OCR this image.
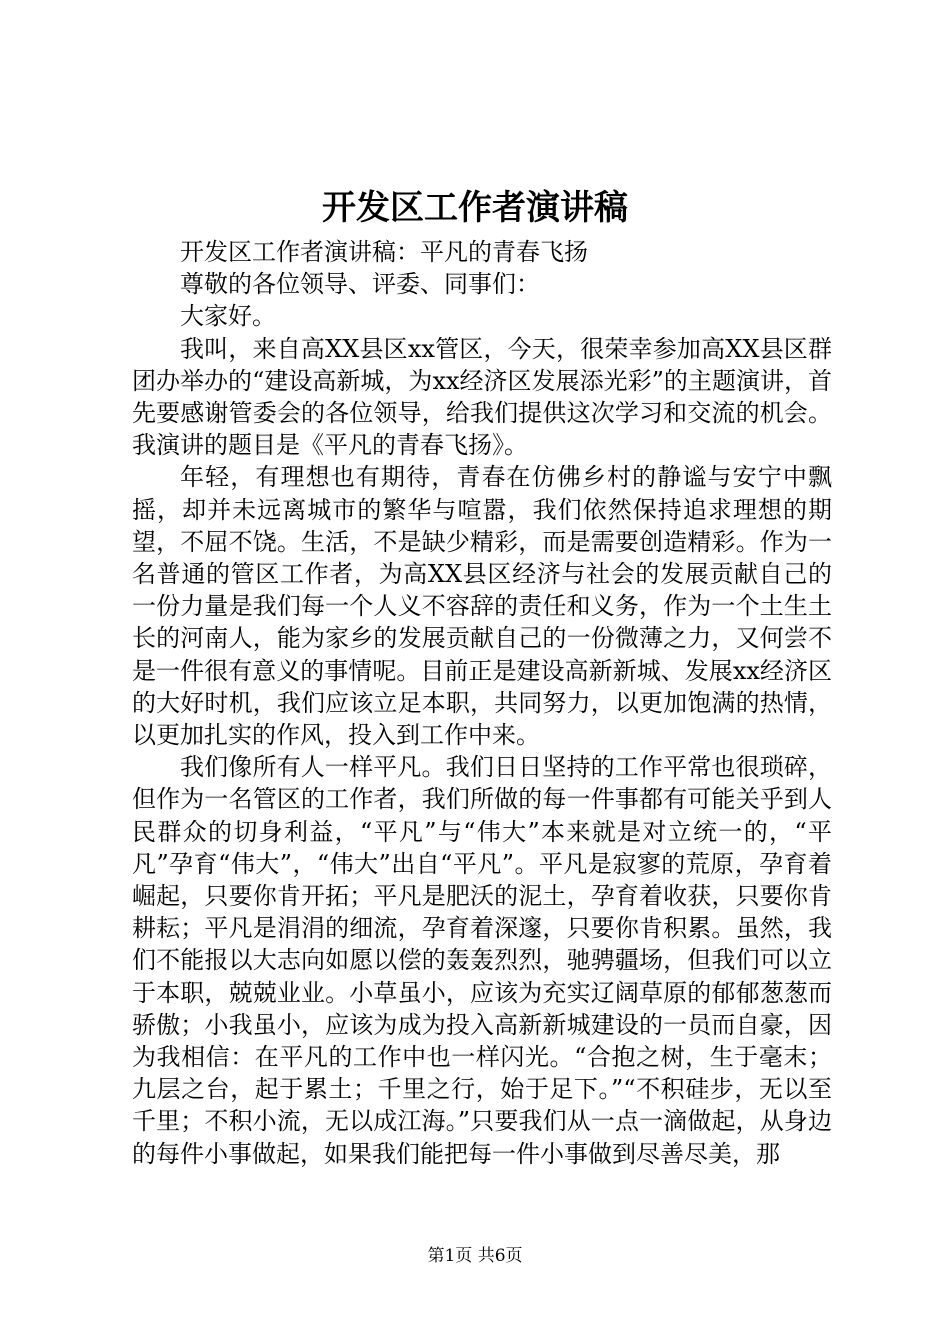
开发区工作者演讲稿

开发区工作者演讲稿：平凡的青春飞扬

尊敬的各位领导、评委、同事们：

大家好。

我叫，来自高XX县区xx管区，今天，很荣幸参加高XX县区群团办举办的“建设高新城，为xx经济区发展添光彩”的主题演讲，首先要感谢管委会的各位领导，给我们提供这次学习和交流的机会。我演讲的题目是《平凡的青春飞扬》。

年轻，有理想也有期待，青春在仿佛乡村的静谧与安宁中飘摇，却并未远离城市的繁华与喧嚣，我们依然保持追求理想的期望，不屈不饶。生活，不是缺少精彩，而是需要创造精彩。作为一名普通的管区工作者，为高XX县区经济与社会的发展贡献自己的一份力量是我们每一个人义不容辞的责任和义务，作为一个土生土长的河南人，能为家乡的发展贡献自己的一份微薄之力，又何尝不是一件很有意义的事情呢。目前正是建设高新新城、发展xx经济区的大好时机，我们应该立足本职，共同努力，以更加饱满的热情，以更加扎实的作风，投入到工作中来。

我们像所有人一样平凡。我们日日坚持的工作平常也很琐碎，但作为一名管区的工作者，我们所做的每一件事都有可能关乎到人民群众的切身利益，“平凡”与“伟大”本来就是对立统一的，“平凡”孕育“伟大”，“伟大”出自“平凡”。平凡是寂寥的荒原，孕育着崛起，只要你肯开拓；平凡是肥沃的泥土，孕育着收获，只要你肯耕耘；平凡是涓涓的细流，孕育着深邃，只要你肯积累。虽然，我们不能报以大志向如愿以偿的轰轰烈烈，驰骋疆场，但我们可以立于本职，兢兢业业。小草虽小，应该为充实辽阔草原的郁郁葱葱而骄傲；小我虽小，应该为成为投入高新新城建设的一员而自豪，因为我相信：在平凡的工作中也一样闪光。“合抱之树，生于毫末；九层之台，起于累土；千里之行，始于足下。”“不积硅步，无以至千里；不积小流，无以成江海。”只要我们从一点一滴做起，从身边的每件小事做起，如果我们能把每一件小事做到尽善尽美，那

第1页 共6页
